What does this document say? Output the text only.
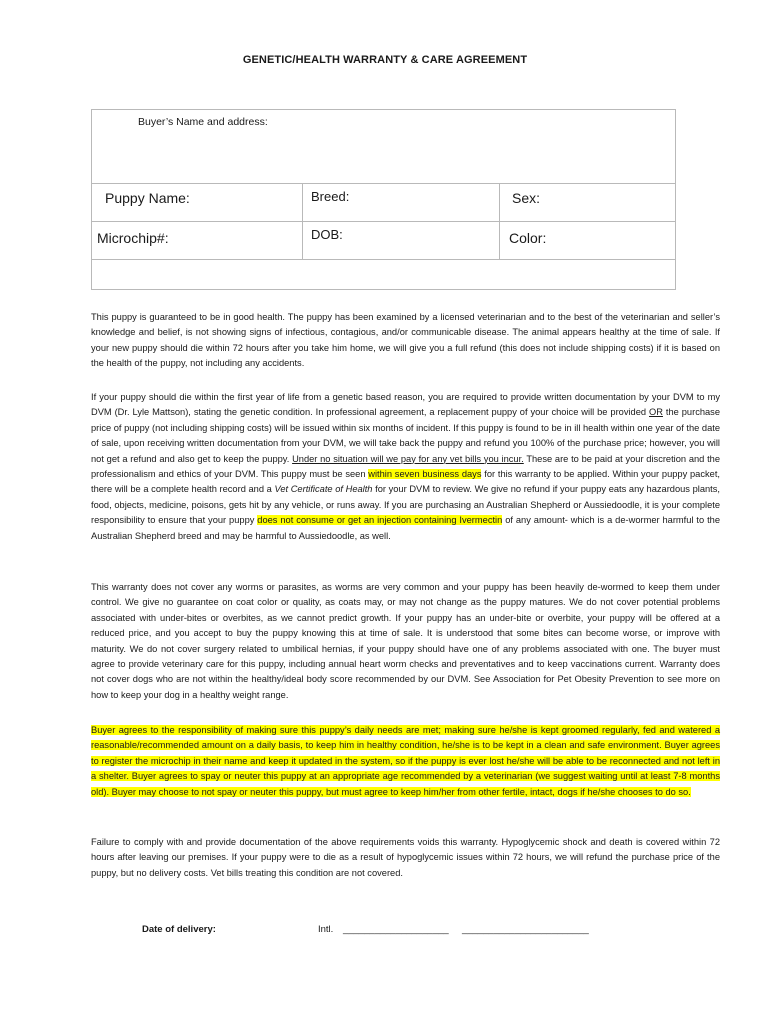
GENETIC/HEALTH WARRANTY & CARE AGREEMENT
Buyer’s Name and address:		

Puppy Name:	Breed:	Sex:

Microchip#:	DOB:	Color:

This puppy is guaranteed to be in good health. The puppy has been examined by a licensed veterinarian and to the best of the veterinarian and seller’s knowledge and belief, is not showing signs of infectious, contagious, and/or communicable disease. The animal appears healthy at the time of sale. If your new puppy should die within 72 hours after you take him home, we will give you a full refund (this does not include shipping costs) if it is based on the health of the puppy, not including any accidents.
If your puppy should die within the first year of life from a genetic based reason, you are required to provide written documentation by your DVM to my DVM (Dr. Lyle Mattson), stating the genetic condition. In professional agreement, a replacement puppy of your choice will be provided OR the purchase price of puppy (not including shipping costs) will be issued within six months of incident. If this puppy is found to be in ill health within one year of the date of sale, upon receiving written documentation from your DVM, we will take back the puppy and refund you 100% of the purchase price; however, you will not get a refund and also get to keep the puppy. Under no situation will we pay for any vet bills you incur. These are to be paid at your discretion and the professionalism and ethics of your DVM. This puppy must be seen within seven business days for this warranty to be applied. Within your puppy packet, there will be a complete health record and a Vet Certificate of Health for your DVM to review. We give no refund if your puppy eats any hazardous plants, food, objects, medicine, poisons, gets hit by any vehicle, or runs away. If you are purchasing an Australian Shepherd or Aussiedoodle, it is your complete responsibility to ensure that your puppy does not consume or get an injection containing Ivermectin of any amount- which is a de-wormer harmful to the Australian Shepherd breed and may be harmful to Aussiedoodle, as well.
This warranty does not cover any worms or parasites, as worms are very common and your puppy has been heavily de-wormed to keep them under control. We give no guarantee on coat color or quality, as coats may, or may not change as the puppy matures. We do not cover potential problems associated with under-bites or overbites, as we cannot predict growth. If your puppy has an under-bite or overbite, your puppy will be offered at a reduced price, and you accept to buy the puppy knowing this at time of sale. It is understood that some bites can become worse, or improve with maturity. We do not cover surgery related to umbilical hernias, if your puppy should have one of any problems associated with one. The buyer must agree to provide veterinary care for this puppy, including annual heart worm checks and preventatives and to keep vaccinations current. Warranty does not cover dogs who are not within the healthy/ideal body score recommended by our DVM. See Association for Pet Obesity Prevention to see more on how to keep your dog in a healthy weight range.
Buyer agrees to the responsibility of making sure this puppy’s daily needs are met; making sure he/she is kept groomed regularly, fed and watered a reasonable/recommended amount on a daily basis, to keep him in healthy condition, he/she is to be kept in a clean and safe environment. Buyer agrees to register the microchip in their name and keep it updated in the system, so if the puppy is ever lost he/she will be able to be reconnected and not left in a shelter. Buyer agrees to spay or neuter this puppy at an appropriate age recommended by a veterinarian (we suggest waiting until at least 7-8 months old). Buyer may choose to not spay or neuter this puppy, but must agree to keep him/her from other fertile, intact, dogs if he/she chooses to do so.
Failure to comply with and provide documentation of the above requirements voids this warranty. Hypoglycemic shock and death is covered within 72 hours after leaving our premises. If your puppy were to die as a result of hypoglycemic issues within 72 hours, we will refund the purchase price of the puppy, but no delivery costs. Vet bills treating this condition are not covered.
Date of delivery:	Intl. ____________________ ________________________
